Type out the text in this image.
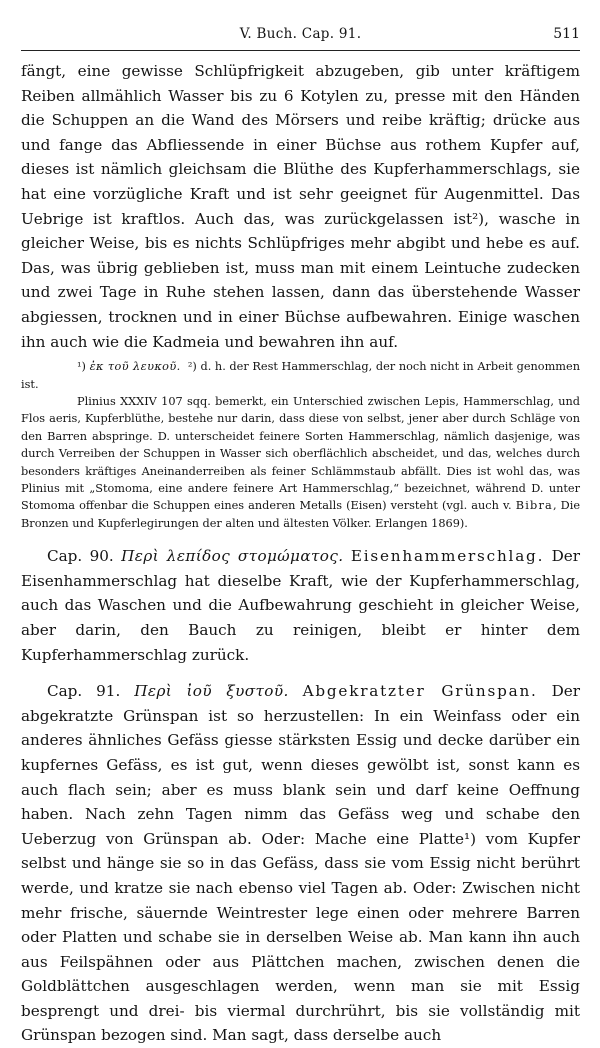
V. Buch. Cap. 91.	511

fängt, eine gewisse Schlüpfrigkeit abzugeben, gib unter kräftigem Reiben allmählich Wasser bis zu 6 Kotylen zu, presse mit den Händen die Schuppen an die Wand des Mörsers und reibe kräftig; drücke aus und fange das Abfliessende in einer Büchse aus rothem Kupfer auf, dieses ist nämlich gleichsam die Blüthe des Kupferhammerschlags, sie hat eine vorzügliche Kraft und ist sehr geeignet für Augenmittel. Das Uebrige ist kraftlos. Auch das, was zurückgelassen ist²), wasche in gleicher Weise, bis es nichts Schlüpfriges mehr abgibt und hebe es auf. Das, was übrig geblieben ist, muss man mit einem Leintuche zudecken und zwei Tage in Ruhe stehen lassen, dann das überstehende Wasser abgiessen, trocknen und in einer Büchse aufbewahren. Einige waschen ihn auch wie die Kadmeia und bewahren ihn auf.

¹) ἐκ τοῦ λευκοῦ. ²) d. h. der Rest Hammerschlag, der noch nicht in Arbeit genommen ist.

Plinius XXXIV 107 sqq. bemerkt, ein Unterschied zwischen Lepis, Hammerschlag, und Flos aeris, Kupferblüthe, bestehe nur darin, dass diese von selbst, jener aber durch Schläge von den Barren abspringe. D. unterscheidet feinere Sorten Hammerschlag, nämlich dasjenige, was durch Verreiben der Schuppen in Wasser sich oberflächlich abscheidet, und das, welches durch besonders kräftiges Aneinanderreiben als feiner Schlämmstaub abfällt. Dies ist wohl das, was Plinius mit „Stomoma, eine andere feinere Art Hammerschlag,“ bezeichnet, während D. unter Stomoma offenbar die Schuppen eines anderen Metalls (Eisen) versteht (vgl. auch v. Bibra, Die Bronzen und Kupferlegirungen der alten und ältesten Völker. Erlangen 1869).

Cap. 90. Περὶ λεπίδος στομώματος. Eisenhammerschlag. Der Eisenhammerschlag hat dieselbe Kraft, wie der Kupferhammerschlag, auch das Waschen und die Aufbewahrung geschieht in gleicher Weise, aber darin, den Bauch zu reinigen, bleibt er hinter dem Kupferhammerschlag zurück.

Cap. 91. Περὶ ἰοῦ ξυστοῦ. Abgekratzter Grünspan. Der abgekratzte Grünspan ist so herzustellen: In ein Weinfass oder ein anderes ähnliches Gefäss giesse stärksten Essig und decke darüber ein kupfernes Gefäss, es ist gut, wenn dieses gewölbt ist, sonst kann es auch flach sein; aber es muss blank sein und darf keine Oeffnung haben. Nach zehn Tagen nimm das Gefäss weg und schabe den Ueberzug von Grünspan ab. Oder: Mache eine Platte¹) vom Kupfer selbst und hänge sie so in das Gefäss, dass sie vom Essig nicht berührt werde, und kratze sie nach ebenso viel Tagen ab. Oder: Zwischen nicht mehr frische, säuernde Weintrester lege einen oder mehrere Barren oder Platten und schabe sie in derselben Weise ab. Man kann ihn auch aus Feilspähnen oder aus Plättchen machen, zwischen denen die Goldblättchen ausgeschlagen werden, wenn man sie mit Essig besprengt und drei- bis viermal durchrührt, bis sie vollständig mit Grünspan bezogen sind. Man sagt, dass derselbe auch
